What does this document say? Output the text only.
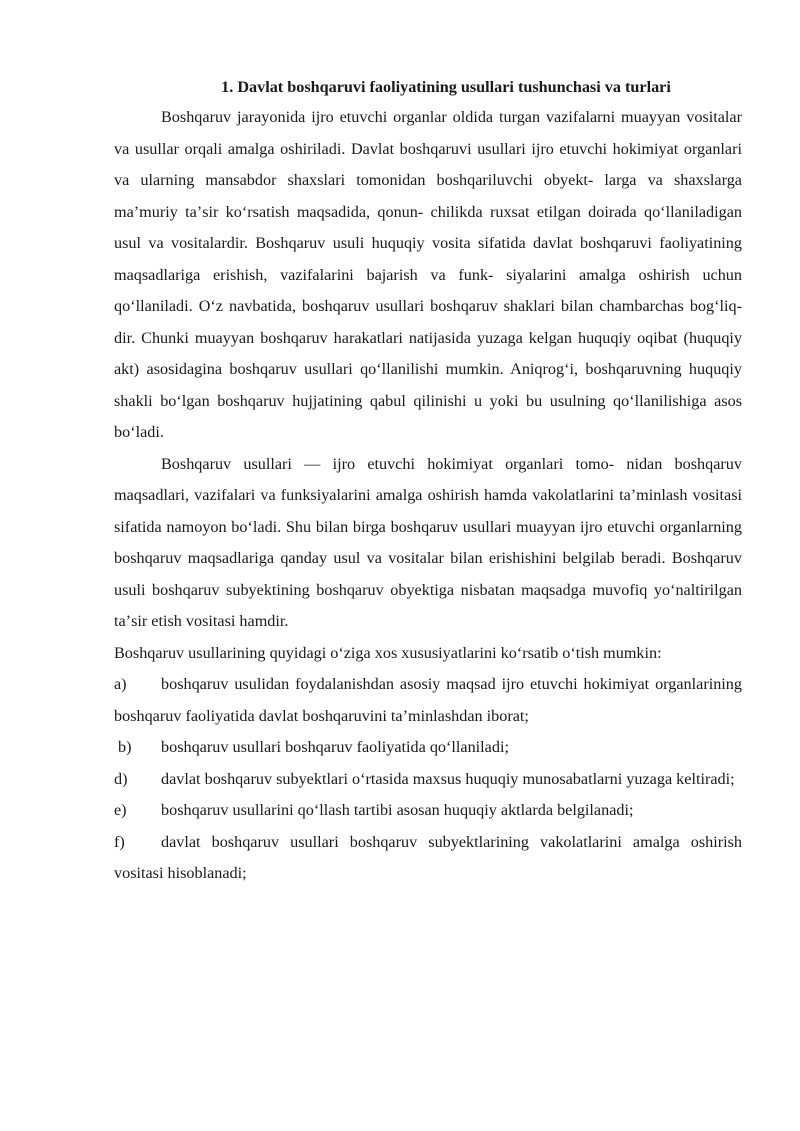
1. Davlat boshqaruvi faoliyatining usullari tushunchasi va turlari

Boshqaruv jarayonida ijro etuvchi organlar oldida turgan vazifalarni muayyan vositalar va usullar orqali amalga oshiriladi. Davlat boshqaruvi usullari ijro etuvchi hokimiyat organlari va ularning mansabdor shaxslari tomonidan boshqariluvchi obyekt- larga va shaxslarga maʼmuriy taʼsir koʻrsatish maqsadida, qonun- chilikda ruxsat etilgan doirada qoʻllaniladigan usul va vositalardir. Boshqaruv usuli huquqiy vosita sifatida davlat boshqaruvi faoliyatining maqsadlariga erishish, vazifalarini bajarish va funk- siyalarini amalga oshirish uchun qoʻllaniladi. Oʻz navbatida, boshqaruv usullari boshqaruv shaklari bilan chambarchas bogʻliq- dir. Chunki muayyan boshqaruv harakatlari natijasida yuzaga kelgan huquqiy oqibat (huquqiy akt) asosidagina boshqaruv usullari qoʻllanilishi mumkin. Aniqrogʻi, boshqaruvning huquqiy shakli boʻlgan boshqaruv hujjatining qabul qilinishi u yoki bu usulning qoʻllanilishiga asos boʻladi.

Boshqaruv usullari — ijro etuvchi hokimiyat organlari tomo- nidan boshqaruv maqsadlari, vazifalari va funksiyalarini amalga oshirish hamda vakolatlarini taʼminlash vositasi sifatida namoyon boʻladi. Shu bilan birga boshqaruv usullari muayyan ijro etuvchi organlarning boshqaruv maqsadlariga qanday usul va vositalar bilan erishishini belgilab beradi. Boshqaruv usuli boshqaruv subyektining boshqaruv obyektiga nisbatan maqsadga muvofiq yoʻnaltirilgan taʼsir etish vositasi hamdir.

Boshqaruv usullarining quyidagi oʻziga xos xususiyatlarini koʻrsatib oʻtish mumkin:

a) boshqaruv usulidan foydalanishdan asosiy maqsad ijro etuvchi hokimiyat organlarining boshqaruv faoliyatida davlat boshqaruvini taʼminlashdan iborat;

b) boshqaruv usullari boshqaruv faoliyatida qoʻllaniladi;

d) davlat boshqaruv subyektlari oʻrtasida maxsus huquqiy munosabatlarni yuzaga keltiradi;

e) boshqaruv usullarini qoʻllash tartibi asosan huquqiy aktlarda belgilanadi;

f) davlat boshqaruv usullari boshqaruv subyektlarining vakolatlarini amalga oshirish vositasi hisoblanadi;
